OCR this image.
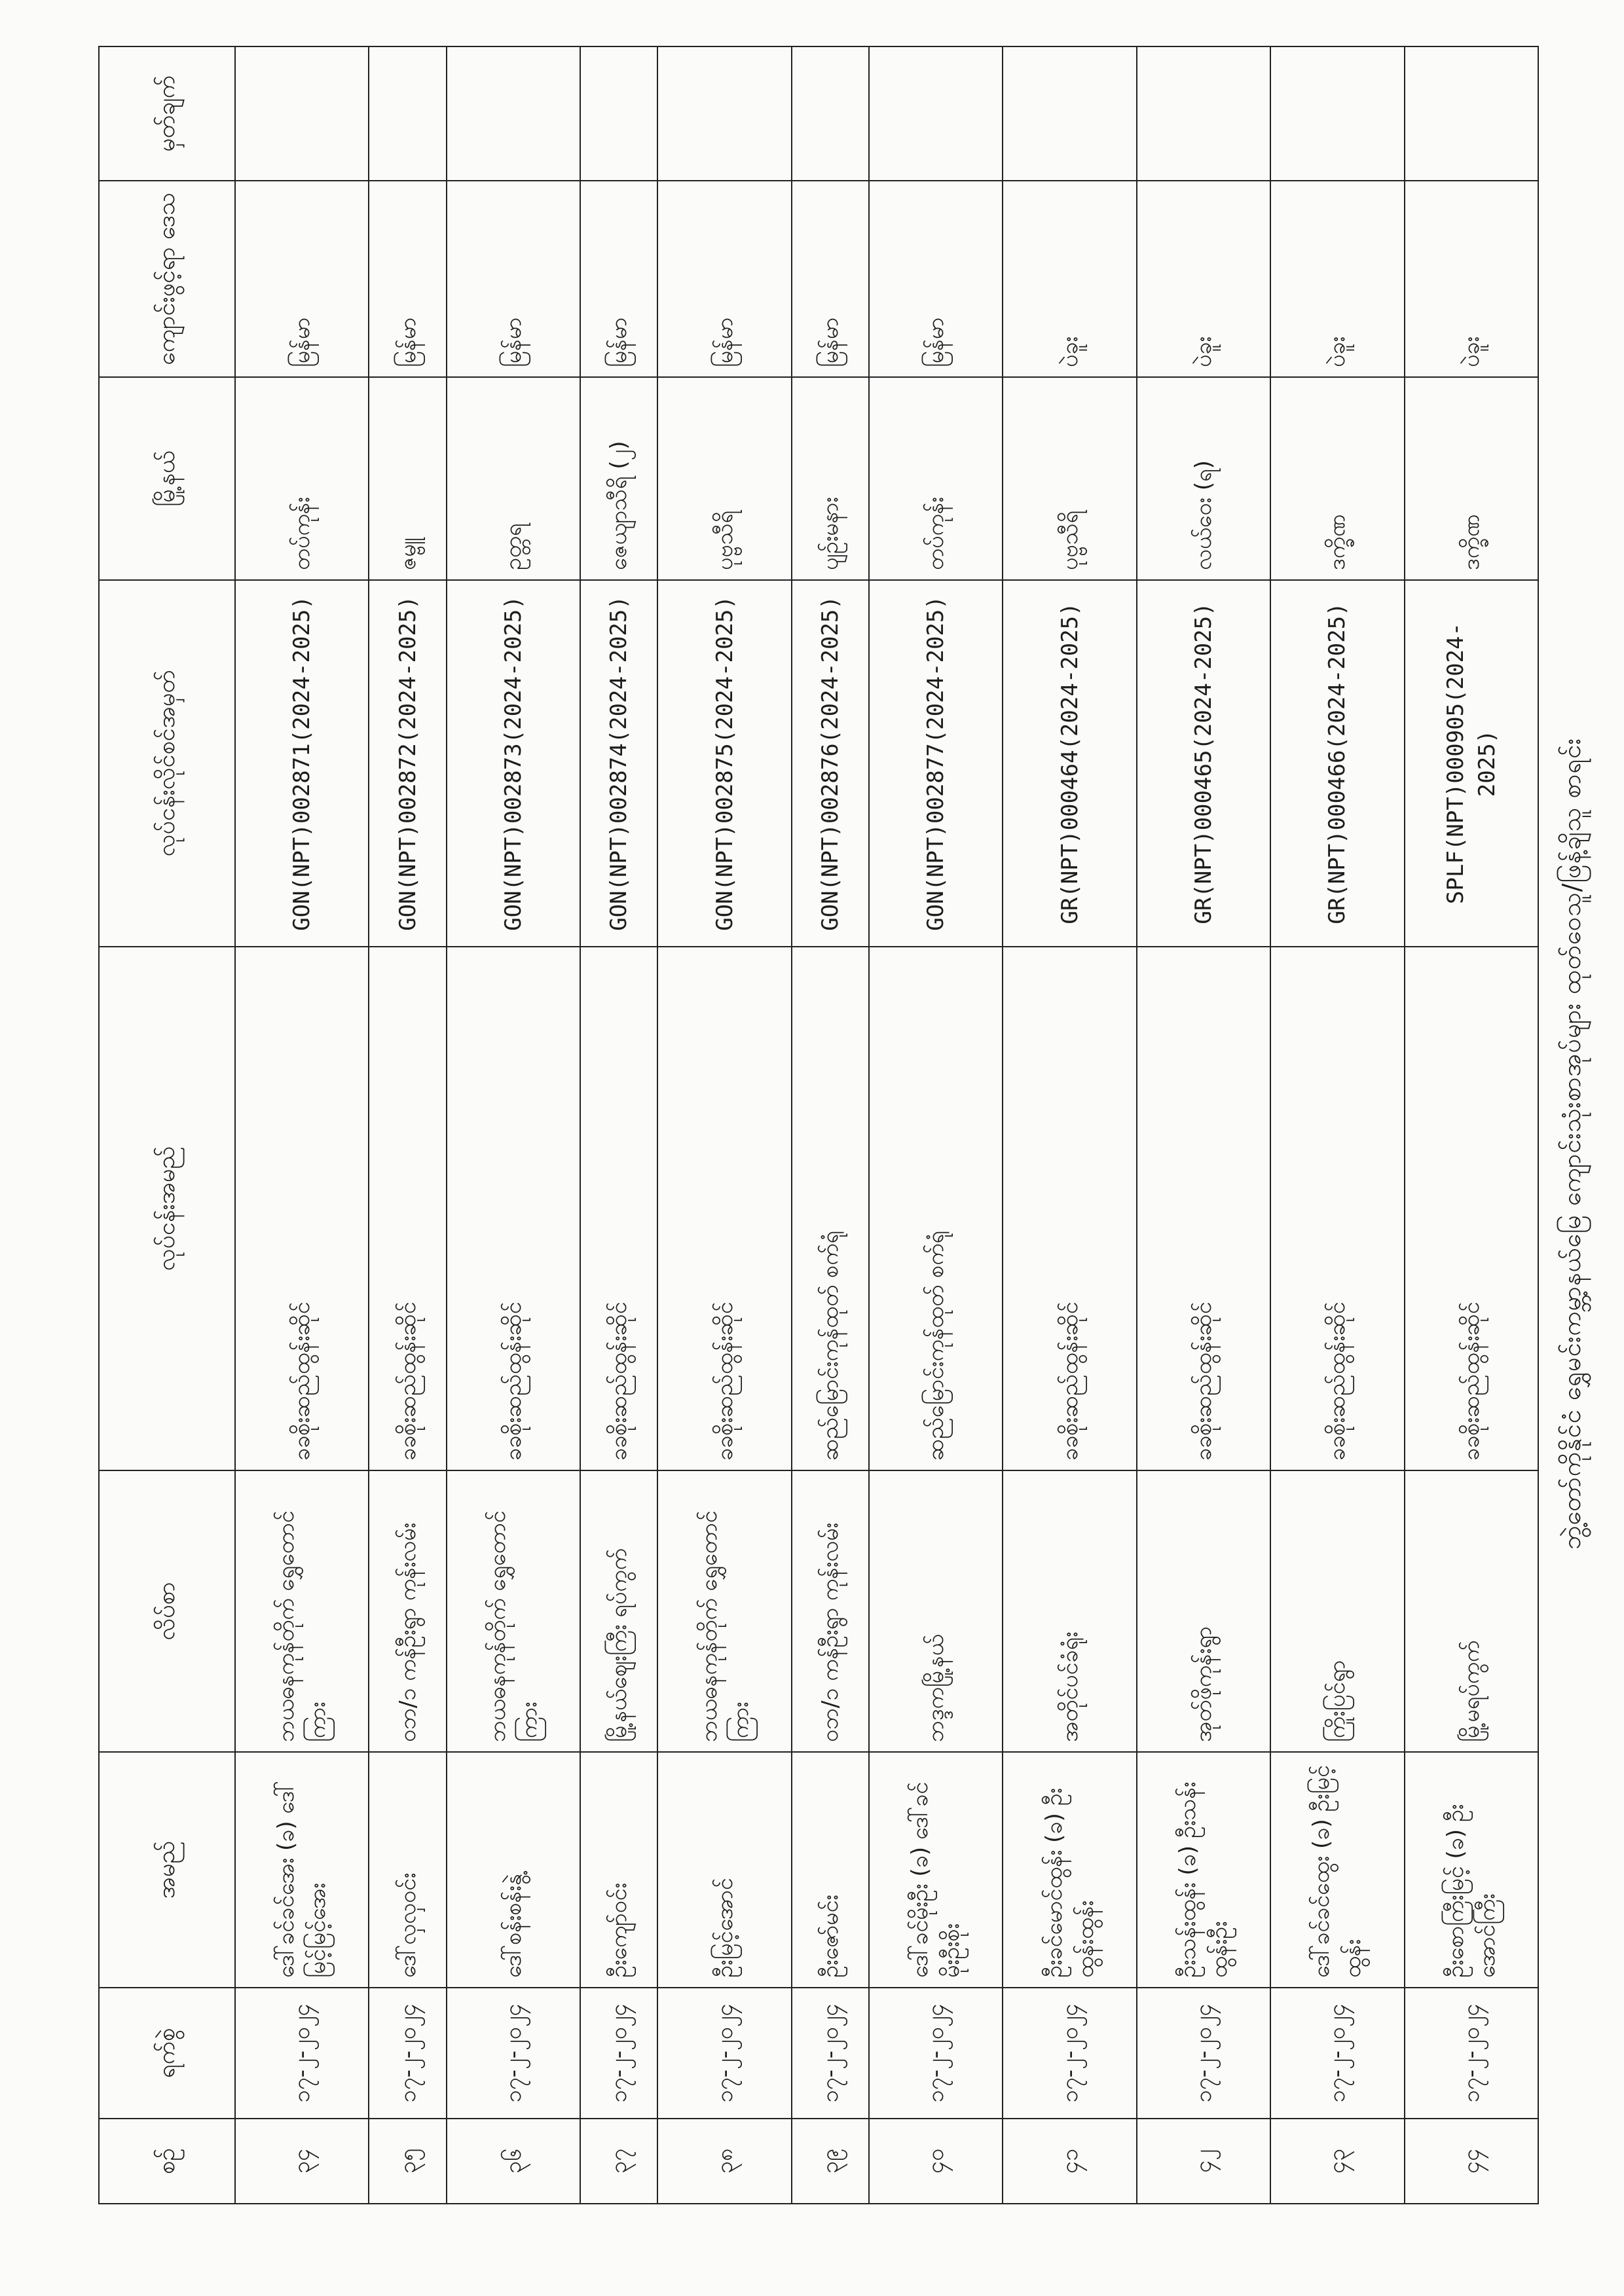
ဘွဲ့တော်ကိုနိုင်ငံ ရွှေမင်းကမ္ဘာ့နယ်မြေ ကျောင်းသုံးစာအုပ်များ ထုတ်ဝေသူ/ဖြန့်ချိသူ စာရင်း
စဉ်	ရက်စွဲ	အမည်	လိပ်စာ	လုပ်ငန်းအမည်	လုပ်ငန်းလိုင်စင်အမှတ်	မြို့နယ်	ကျောင်းဖွင့်ရာ ဒေသ	မှတ်ချက်
၃၄	၁၇-၂-၂၀၂၄	ဒေါ်ခင်ခင်အေး (ခ) ဒေါ်မြင့်မြင့်အေး	ဘယဓနကုန်တိုက် ရွှေတောင်ကြား	ခခစိုးဆည်ထွန်းဆိုင်	GON(NPT)002871(2024-2025)	တပ်ကုန်း	မြန်မာ	
၃၅	၁၇-၂-၂၀၂၄	ဒေါ်လှလှဝင်း	ဝဘ/၁ ကန်ဦးရွာ ကုန်းလမ်း	ခခစိုးဆည်ထွန်းဆိုင်	GON(NPT)002872(2024-2025)	ဇမ္ဗူ	မြန်မာ	
၃၆	၁၇-၂-၂၀၂၄	ဒေါ်စန်းစန်းနွဲ့	ဘယဓနကုန်တိုက် ရွှေတောင်ကြား	ခခစိုးဆည်ထွန်းဆိုင်	GON(NPT)002873(2024-2025)	ဥတ္တရ	မြန်မာ	
၃၇	၁၇-၂-၂၀၂၄	ဦးကျော်ဝင်း	မြို့နယ်ဈေးကြီး ရပ်ကွက်	ခခစိုးဆည်ထွန်းဆိုင်	GON(NPT)002874(2024-2025)	ဇေယျာသီရိ (၂)	မြန်မာ	
၃၈	၁၇-၂-၂၀၂၄	ဦးမြင့်အောင်	ဘယဓနကုန်တိုက် ရွှေတောင်ကြား	ခခစိုးဆည်ထွန်းဆိုင်	GON(NPT)002875(2024-2025)	ပုဗ္ဗသီရိ	မြန်မာ	
၃၉	၁၇-၂-၂၀၂၄	ဦးဇော်မင်း	ဝဘ/၁ ကန်ဦးရွာ ကုန်းလမ်း	ဆည်မြောင်းကုန်ထုတ် စက်ရုံ	GON(NPT)002876(2024-2025)	ပျဉ်းမနား	မြန်မာ	
၄၀	၁၇-၂-၂၀၂၄	ဒေါ်ခင်မိုးဦး (ခ) ဒေါ်ခင်မိုးဦးစိုး	ဘဒ္ဒကမြို့နယ်	ဆည်မြောင်းကုန်ထုတ် စက်ရုံ	GON(NPT)002877(2024-2025)	တပ်ကုန်း	မြန်မာ	
၄၁	၁၇-၂-၂၀၂၄	ဦးခင်မောင်ထွန်း (ခ) ဦးထွန်းထွန်း	အတိုင်ပင်ခံရုံး	ခခစိုးဆည်ထွန်းဆိုင်	GR(NPT)000464(2024-2025)	ပုဗ္ဗသီရိ	ပဲခူး	
၄၂	၁၇-၂-၂၀၂၄	ဦးသန်းထွန်း (ခ) ဦးသန်းထွန်းဦး	အုတ်ဖိုကုန်းရွာ	ခခစိုးဆည်ထွန်းဆိုင်	GR(NPT)000465(2024-2025)	လယ်ဝေး (ရ)	ပဲခူး	
၄၃	၁၇-၂-၂၀၂၄	ဒေါ်ခင်ခင်ထွေး (ခ) ဦးမြင့်ထွန်း	ကြိုးပြင်ရွာ	ခခစိုးဆည်ထွန်းဆိုင်	GR(NPT)000466(2024-2025)	ဒက္ခိဏ	ပဲခူး	
၄၄	၁၇-၂-၂၀၂၄	ဦးစောကြီးမြင့် (ခ) ဦးအောင်ကြီး	မြို့မရပ်ကွက်	ခခစိုးဆည်ထွန်းဆိုင်	SPLF(NPT)000905(2024-2025)	ဒက္ခိဏ	ပဲခူး	
